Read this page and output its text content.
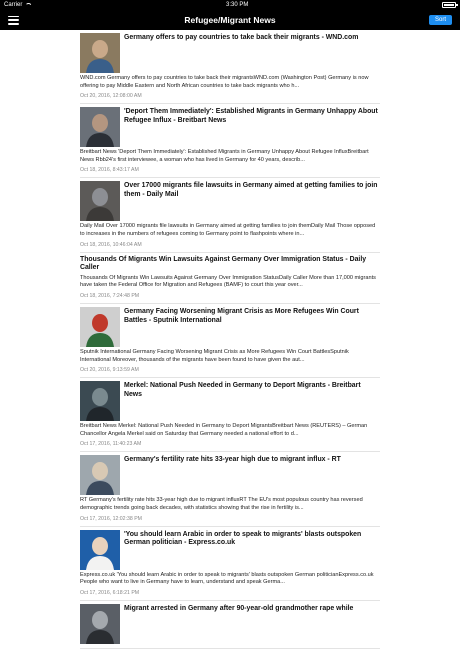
Carrier	3:30 PM
Refugee/Migrant News	Sort
Germany offers to pay countries to take back their migrants - WND.com
WND.com Germany offers to pay countries to take back their migrantsWND.com (Washington Post) Germany is now offering to pay Middle Eastern and North African countries to take back migrants who h...
Oct 20, 2016, 12:08:00 AM
'Deport Them Immediately': Established Migrants in Germany Unhappy About Refugee Influx - Breitbart News
Breitbart News 'Deport Them Immediately': Established Migrants in Germany Unhappy About Refugee InfluxBreitbart News Rbb24's first interviewee, a woman who has lived in Germany for 40 years, describ...
Oct 18, 2016, 8:43:17 AM
Over 17000 migrants file lawsuits in Germany aimed at getting families to join them - Daily Mail
Daily Mail Over 17000 migrants file lawsuits in Germany aimed at getting families to join themDaily Mail Those opposed to increases in the numbers of refugees coming to Germany point to flashpoints where in...
Oct 18, 2016, 10:46:04 AM
Thousands Of Migrants Win Lawsuits Against Germany Over Immigration Status - Daily Caller
Thousands Of Migrants Win Lawsuits Against Germany Over Immigration StatusDaily Caller More than 17,000 migrants have taken the Federal Office for Migration and Refugees (BAMF) to court this year over...
Oct 18, 2016, 7:24:48 PM
Germany Facing Worsening Migrant Crisis as More Refugees Win Court Battles - Sputnik International
Sputnik International Germany Facing Worsening Migrant Crisis as More Refugees Win Court BattlesSputnik International Moreover, thousands of the migrants have been found to have given the aut...
Oct 20, 2016, 9:13:59 AM
Merkel: National Push Needed in Germany to Deport Migrants - Breitbart News
Breitbart News Merkel: National Push Needed in Germany to Deport MigrantsBreitbart News (REUTERS) – German Chancellor Angela Merkel said on Saturday that Germany needed a national effort to d...
Oct 17, 2016, 11:40:23 AM
Germany's fertility rate hits 33-year high due to migrant influx - RT
RT Germany's fertility rate hits 33-year high due to migrant influxRT The EU's most populous country has reversed demographic trends going back decades, with statistics showing that the rise in fertility is...
Oct 17, 2016, 12:02:38 PM
'You should learn Arabic in order to speak to migrants' blasts outspoken German politician - Express.co.uk
Express.co.uk 'You should learn Arabic in order to speak to migrants' blasts outspoken German politicianExpress.co.uk People who want to live in Germany have to learn, understand and speak Germa...
Oct 17, 2016, 6:18:21 PM
Migrant arrested in Germany after 90-year-old grandmother rape while
